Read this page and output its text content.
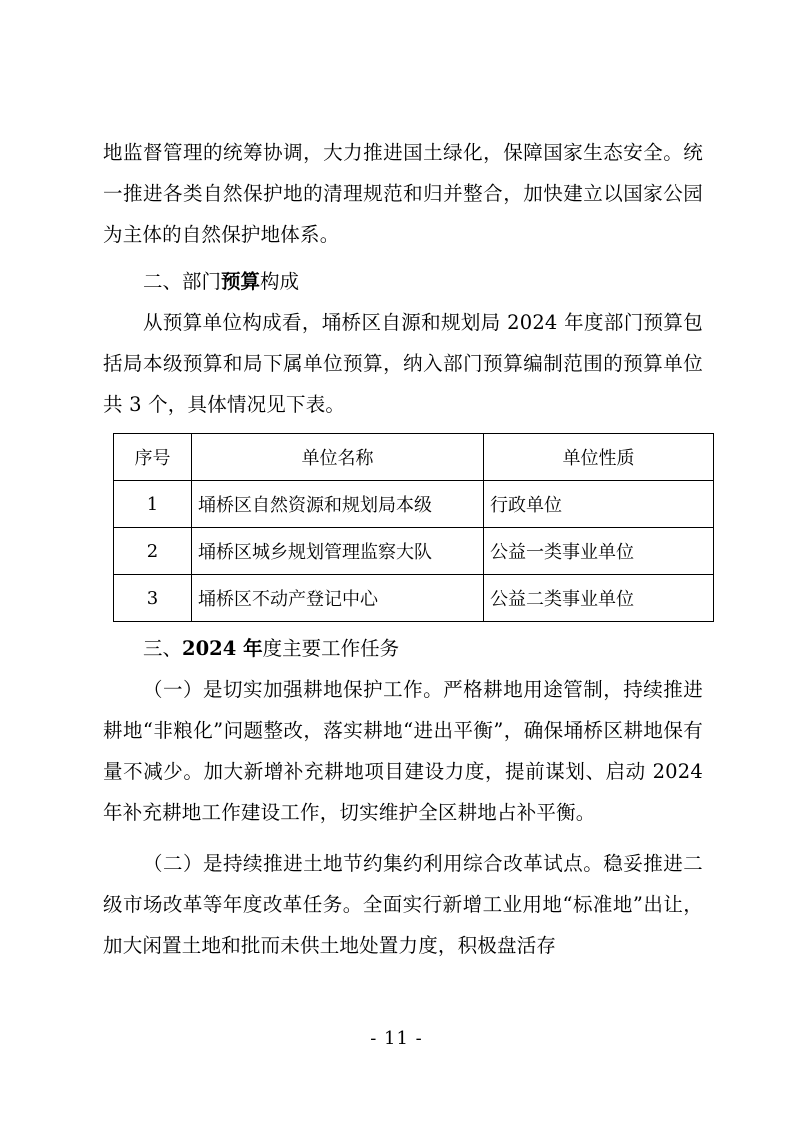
地监督管理的统筹协调，大力推进国土绿化，保障国家生态安全。统一推进各类自然保护地的清理规范和归并整合，加快建立以国家公园为主体的自然保护地体系。

二、部门预算构成

从预算单位构成看，埇桥区自源和规划局 2024 年度部门预算包括局本级预算和局下属单位预算，纳入部门预算编制范围的预算单位共 3 个，具体情况见下表。

序号	单位名称	单位性质
1	埇桥区自然资源和规划局本级	行政单位
2	埇桥区城乡规划管理监察大队	公益一类事业单位
3	埇桥区不动产登记中心	公益二类事业单位

三、2024 年度主要工作任务

（一）是切实加强耕地保护工作。严格耕地用途管制，持续推进耕地“非粮化”问题整改，落实耕地“进出平衡”，确保埇桥区耕地保有量不减少。加大新增补充耕地项目建设力度，提前谋划、启动 2024 年补充耕地工作建设工作，切实维护全区耕地占补平衡。

（二）是持续推进土地节约集约利用综合改革试点。稳妥推进二级市场改革等年度改革任务。全面实行新增工业用地“标准地”出让，加大闲置土地和批而未供土地处置力度，积极盘活存

- 11 -
